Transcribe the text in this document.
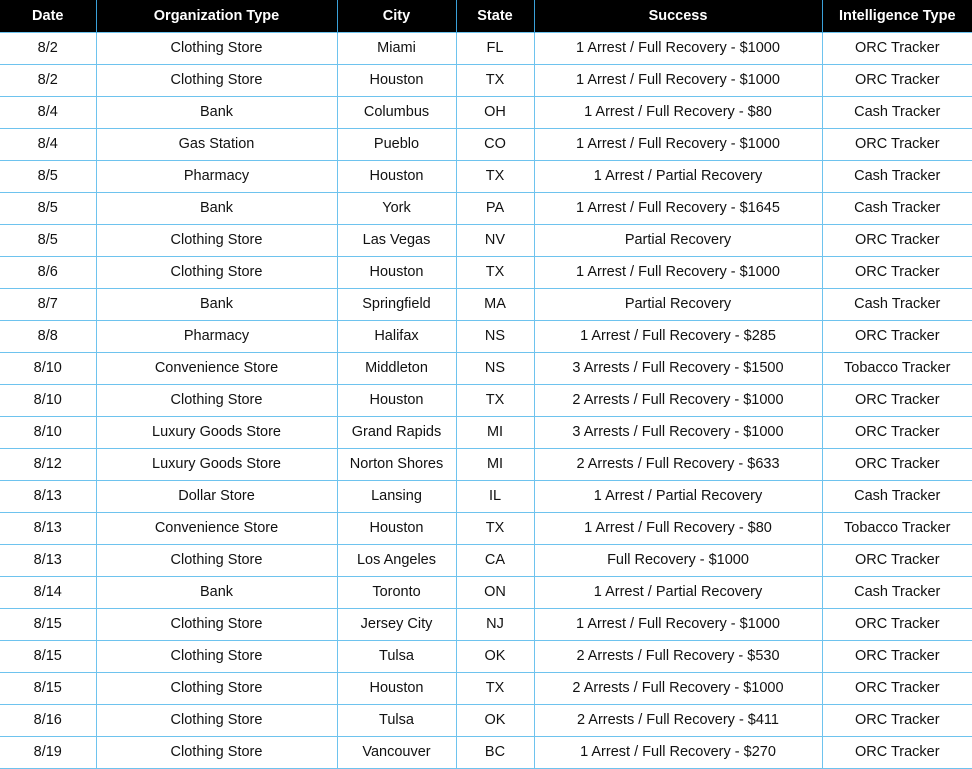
Date	Organization Type	City	State	Success	Intelligence Type
8/2	Clothing Store	Miami	FL	1 Arrest / Full Recovery - $1000	ORC Tracker
8/2	Clothing Store	Houston	TX	1 Arrest / Full Recovery - $1000	ORC Tracker
8/4	Bank	Columbus	OH	1 Arrest / Full Recovery - $80	Cash Tracker
8/4	Gas Station	Pueblo	CO	1 Arrest / Full Recovery - $1000	ORC Tracker
8/5	Pharmacy	Houston	TX	1 Arrest / Partial Recovery	Cash Tracker
8/5	Bank	York	PA	1 Arrest / Full Recovery - $1645	Cash Tracker
8/5	Clothing Store	Las Vegas	NV	Partial Recovery	ORC Tracker
8/6	Clothing Store	Houston	TX	1 Arrest / Full Recovery - $1000	ORC Tracker
8/7	Bank	Springfield	MA	Partial Recovery	Cash Tracker
8/8	Pharmacy	Halifax	NS	1 Arrest / Full Recovery - $285	ORC Tracker
8/10	Convenience Store	Middleton	NS	3 Arrests / Full Recovery - $1500	Tobacco Tracker
8/10	Clothing Store	Houston	TX	2 Arrests / Full Recovery - $1000	ORC Tracker
8/10	Luxury Goods Store	Grand Rapids	MI	3 Arrests / Full Recovery - $1000	ORC Tracker
8/12	Luxury Goods Store	Norton Shores	MI	2 Arrests / Full Recovery - $633	ORC Tracker
8/13	Dollar Store	Lansing	IL	1 Arrest / Partial Recovery	Cash Tracker
8/13	Convenience Store	Houston	TX	1 Arrest / Full Recovery - $80	Tobacco Tracker
8/13	Clothing Store	Los Angeles	CA	Full Recovery - $1000	ORC Tracker
8/14	Bank	Toronto	ON	1 Arrest / Partial Recovery	Cash Tracker
8/15	Clothing Store	Jersey City	NJ	1 Arrest / Full Recovery - $1000	ORC Tracker
8/15	Clothing Store	Tulsa	OK	2 Arrests / Full Recovery - $530	ORC Tracker
8/15	Clothing Store	Houston	TX	2 Arrests / Full Recovery - $1000	ORC Tracker
8/16	Clothing Store	Tulsa	OK	2 Arrests / Full Recovery - $411	ORC Tracker
8/19	Clothing Store	Vancouver	BC	1 Arrest / Full Recovery - $270	ORC Tracker
